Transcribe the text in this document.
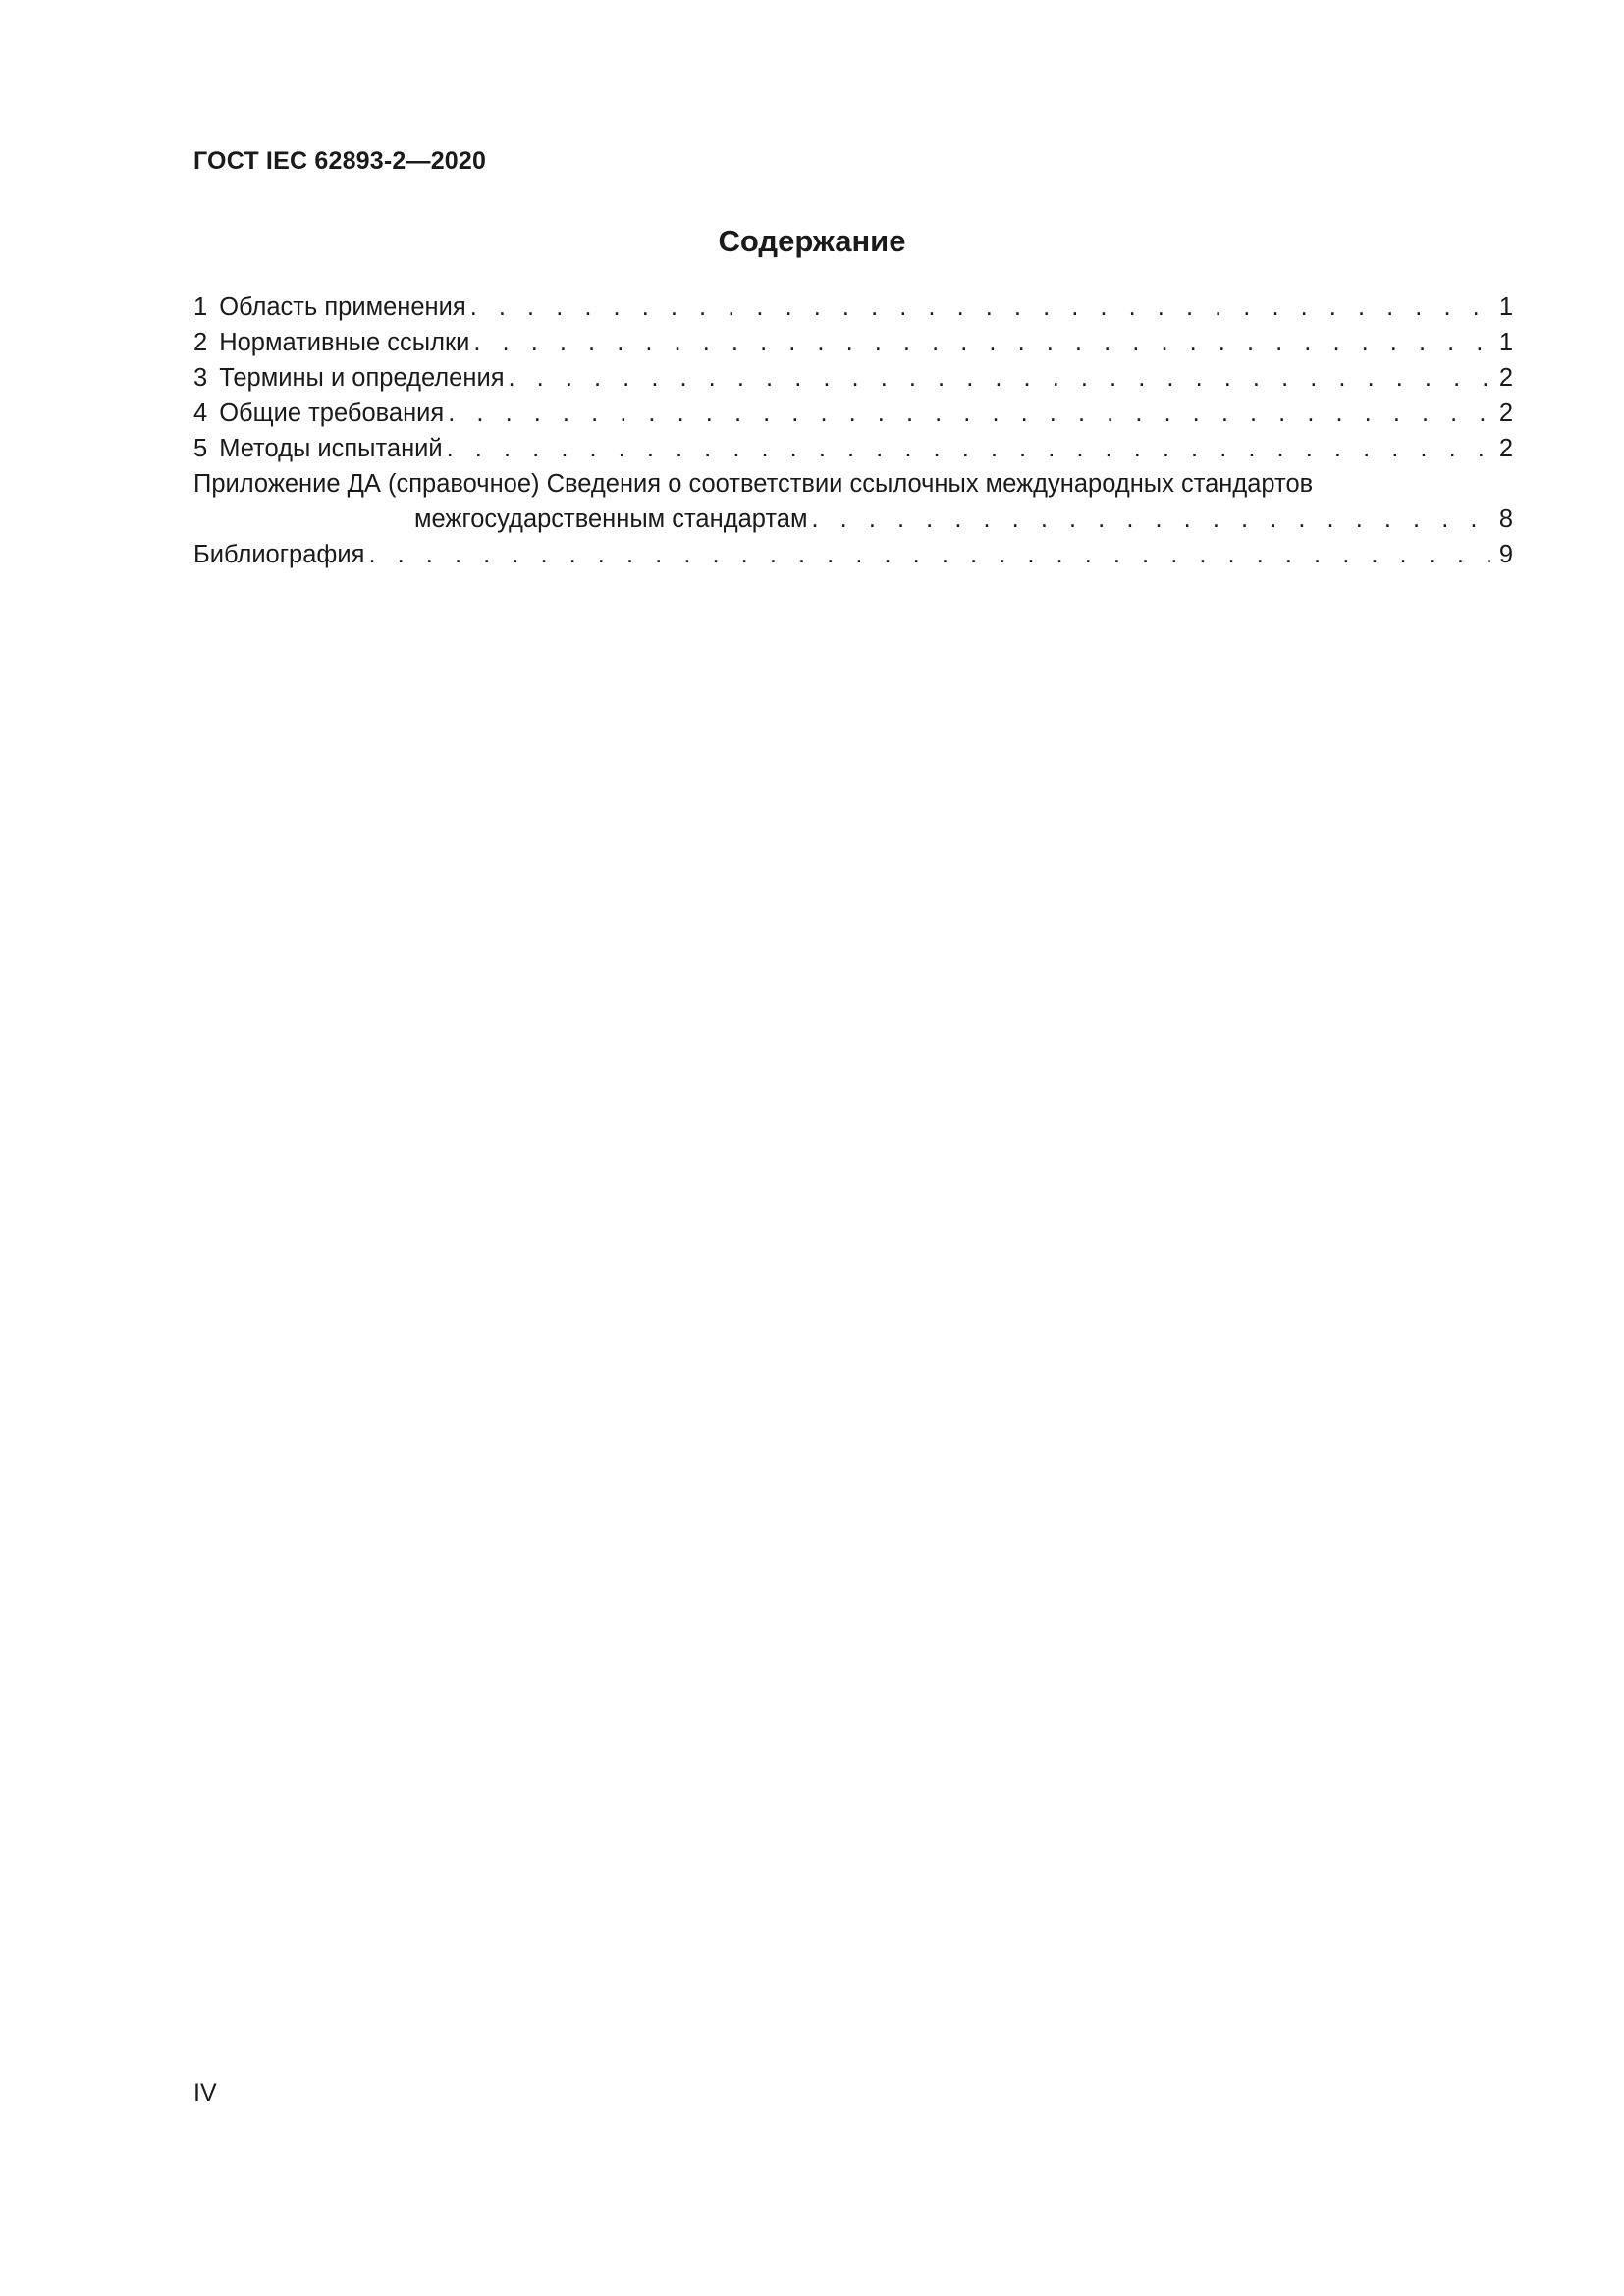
ГОСТ IEC 62893-2—2020
Содержание
1 Область применения . . .	1
2 Нормативные ссылки . . .	1
3 Термины и определения . . .	2
4 Общие требования . . .	2
5 Методы испытаний . . .	2
Приложение ДА (справочное) Сведения о соответствии ссылочных международных стандартов
межгосударственным стандартам . . .	8
Библиография . . .	9
IV
